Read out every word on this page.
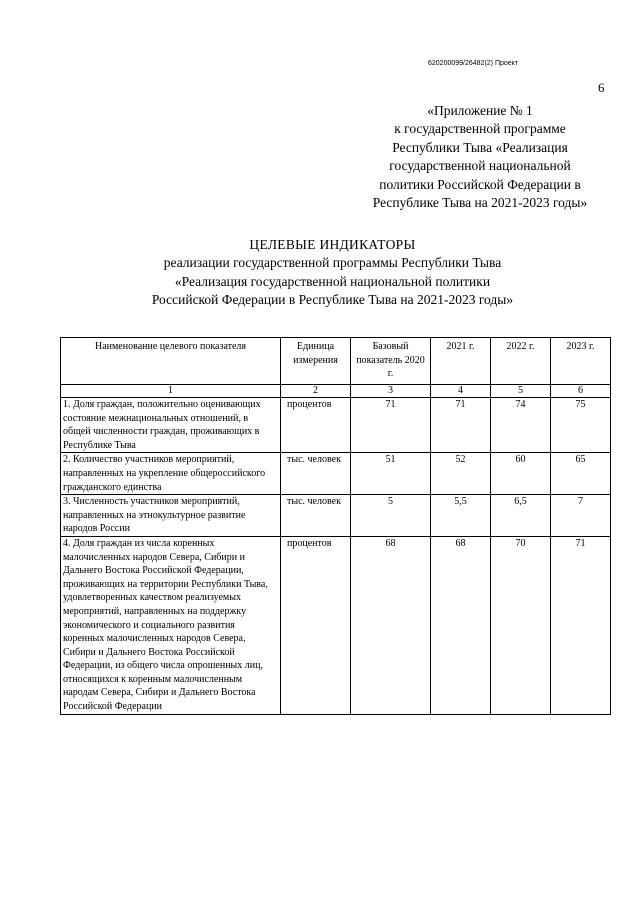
620200099/26482(2) Проект
6
«Приложение № 1
к государственной программе
Республики Тыва «Реализация
государственной национальной
политики Российской Федерации в
Республике Тыва на 2021-2023 годы»
ЦЕЛЕВЫЕ ИНДИКАТОРЫ
реализации государственной программы Республики Тыва
«Реализация государственной национальной политики
Российской Федерации в Республике Тыва на 2021-2023 годы»
Наименование целевого показателя	Единица измерения	Базовый показатель 2020 г.	2021 г.	2022 г.	2023 г.
1	2	3	4	5	6
1. Доля граждан, положительно оценивающих состояние межнациональных отношений, в общей численности граждан, проживающих в Республике Тыва	процентов	71	71	74	75
2. Количество участников мероприятий, направленных на укрепление общероссийского гражданского единства	тыс. человек	51	52	60	65
3. Численность участников мероприятий, направленных на этнокультурное развитие народов России	тыс. человек	5	5,5	6,5	7
4. Доля граждан из числа коренных малочисленных народов Севера, Сибири и Дальнего Востока Российской Федерации, проживающих на территории Республики Тыва, удовлетворенных качеством реализуемых мероприятий, направленных на поддержку экономического и социального развития коренных малочисленных народов Севера, Сибири и Дальнего Востока Российской Федерации, из общего числа опрошенных лиц, относящихся к коренным малочисленным народам Севера, Сибири и Дальнего Востока Российской Федерации	процентов	68	68	70	71
